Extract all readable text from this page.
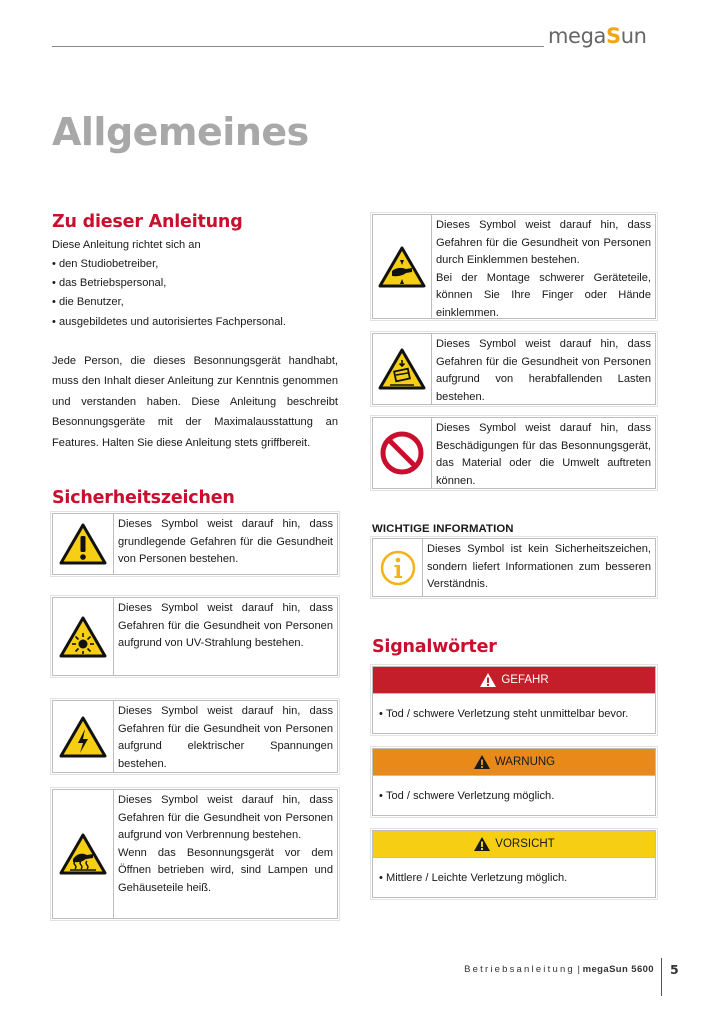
megaSun
Allgemeines
Zu dieser Anleitung

Diese Anleitung richtet sich an

• den Studiobetreiber,
• das Betriebspersonal,
• die Benutzer,
• ausgebildetes und autorisiertes Fachpersonal.

Jede Person, die dieses Besonnungsgerät handhabt, muss den Inhalt dieser Anleitung zur Kenntnis genommen und verstanden haben. Diese Anleitung beschreibt Besonnungsgeräte mit der Maximalausstattung an Features. Halten Sie diese Anleitung stets griffbereit.

Sicherheitszeichen
Dieses Symbol weist darauf hin, dass grundlegende Gefahren für die Gesundheit von Personen bestehen.
Dieses Symbol weist darauf hin, dass Gefahren für die Gesundheit von Personen aufgrund von UV-Strahlung bestehen.
Dieses Symbol weist darauf hin, dass Gefahren für die Gesundheit von Personen aufgrund elektrischer Spannungen bestehen.
Dieses Symbol weist darauf hin, dass Gefahren für die Gesundheit von Personen aufgrund von Verbrennung bestehen.
Wenn das Besonnungsgerät vor dem Öffnen betrieben wird, sind Lampen und Gehäuseteile heiß.
Dieses Symbol weist darauf hin, dass Gefahren für die Gesundheit von Personen durch Einklemmen bestehen.
Bei der Montage schwerer Geräteteile, können Sie Ihre Finger oder Hände einklemmen.
Dieses Symbol weist darauf hin, dass Gefahren für die Gesundheit von Personen aufgrund von herabfallenden Lasten bestehen.
Dieses Symbol weist darauf hin, dass Beschädigungen für das Besonnungsgerät, das Material oder die Umwelt auftreten können.
WICHTIGE INFORMATION
Dieses Symbol ist kein Sicherheitszeichen, sondern liefert Informationen zum besseren Verständnis.
Signalwörter
GEFAHR
• Tod / schwere Verletzung steht unmittelbar bevor.
WARNUNG
• Tod / schwere Verletzung möglich.
VORSICHT
• Mittlere / Leichte Verletzung möglich.
Betriebsanleitung | megaSun 5600 5
